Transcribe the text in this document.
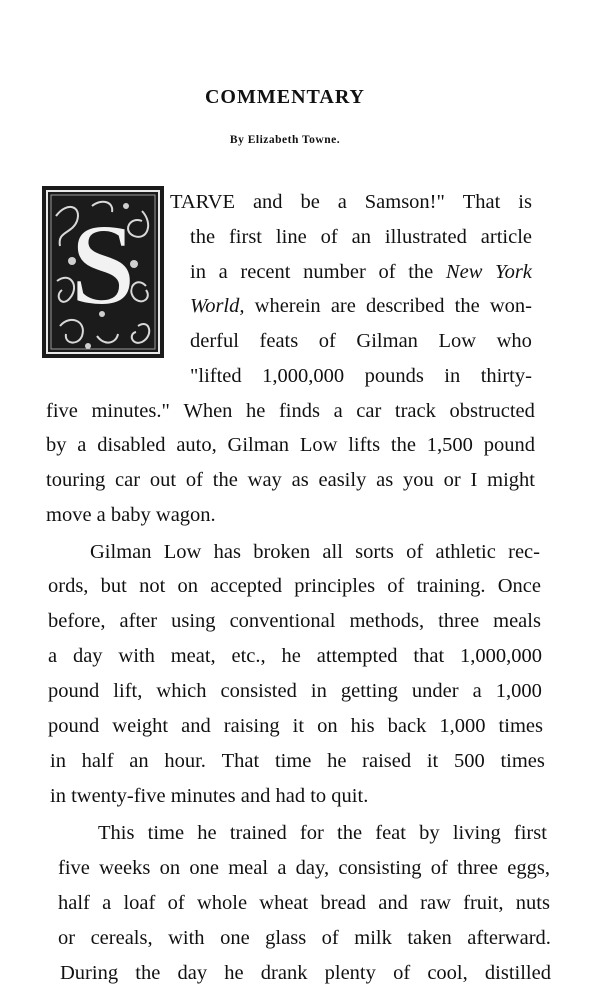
COMMENTARY
By Elizabeth Towne.
S TARVE and be a Samson!" That is
the first line of an illustrated article
in a recent number of the New York
World, wherein are described the won-
derful feats of Gilman Low who
"lifted 1,000,000 pounds in thirty-
five minutes." When he finds a car track obstructed
by a disabled auto, Gilman Low lifts the 1,500 pound
touring car out of the way as easily as you or I might
move a baby wagon.
Gilman Low has broken all sorts of athletic rec-
ords, but not on accepted principles of training. Once
before, after using conventional methods, three meals
a day with meat, etc., he attempted that 1,000,000
pound lift, which consisted in getting under a 1,000
pound weight and raising it on his back 1,000 times
in half an hour. That time he raised it 500 times
in twenty-five minutes and had to quit.
This time he trained for the feat by living first
five weeks on one meal a day, consisting of three eggs,
half a loaf of whole wheat bread and raw fruit, nuts
or cereals, with one glass of milk taken afterward.
During the day he drank plenty of cool, distilled
